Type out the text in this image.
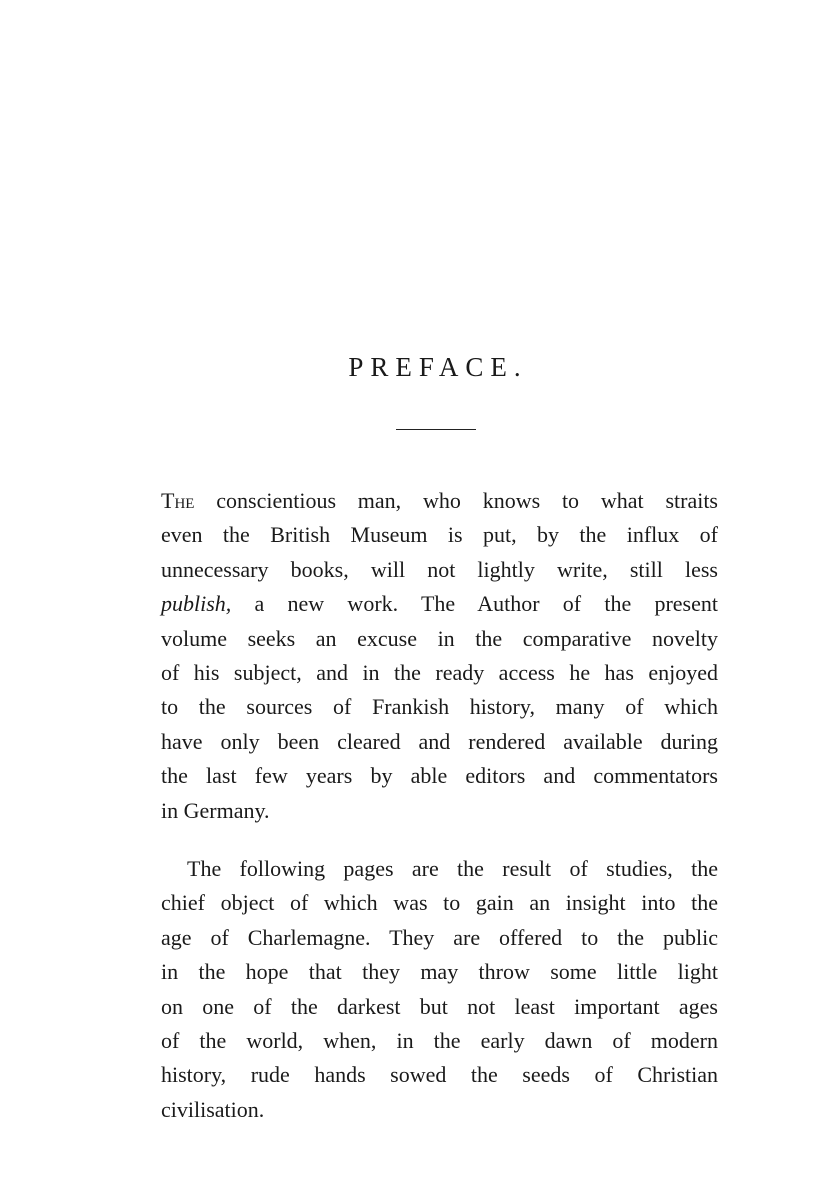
PREFACE.
The conscientious man, who knows to what straits
even the British Museum is put, by the influx of
unnecessary books, will not lightly write, still less
publish, a new work. The Author of the present
volume seeks an excuse in the comparative novelty
of his subject, and in the ready access he has enjoyed
to the sources of Frankish history, many of which
have only been cleared and rendered available during
the last few years by able editors and commentators
in Germany.
The following pages are the result of studies, the
chief object of which was to gain an insight into the
age of Charlemagne. They are offered to the public
in the hope that they may throw some little light
on one of the darkest but not least important ages
of the world, when, in the early dawn of modern
history, rude hands sowed the seeds of Christian
civilisation.
